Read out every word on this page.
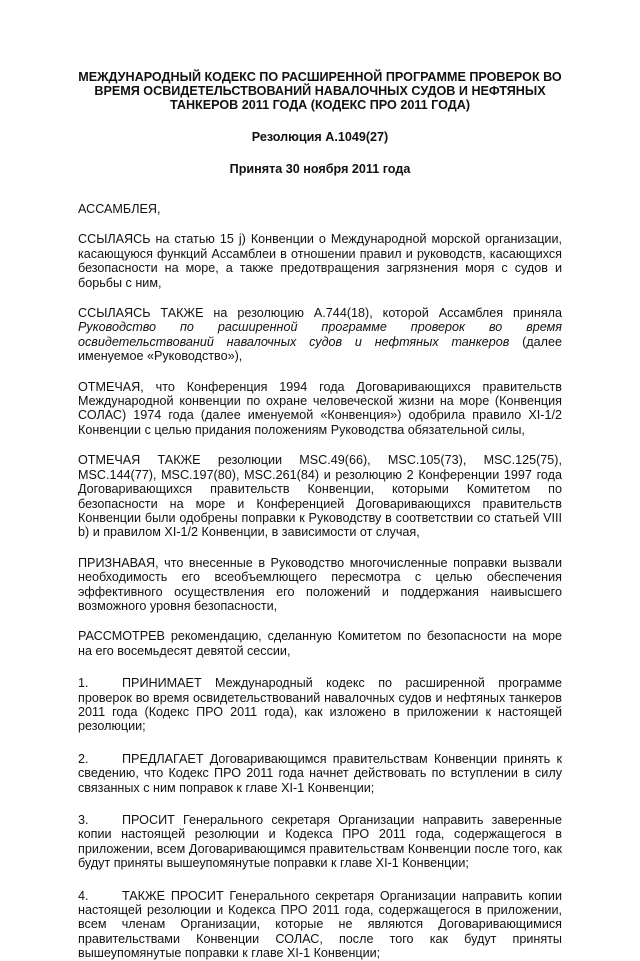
МЕЖДУНАРОДНЫЙ КОДЕКС ПО РАСШИРЕННОЙ ПРОГРАММЕ ПРОВЕРОК ВО ВРЕМЯ ОСВИДЕТЕЛЬСТВОВАНИЙ НАВАЛОЧНЫХ СУДОВ И НЕФТЯНЫХ ТАНКЕРОВ 2011 ГОДА (КОДЕКС ПРО 2011 ГОДА)

Резолюция A.1049(27)

Принята 30 ноября 2011 года

АССАМБЛЕЯ,

ССЫЛАЯСЬ на статью 15 j) Конвенции о Международной морской организации, касающуюся функций Ассамблеи в отношении правил и руководств, касающихся безопасности на море, а также предотвращения загрязнения моря с судов и борьбы с ним,

ССЫЛАЯСЬ ТАКЖЕ на резолюцию A.744(18), которой Ассамблея приняла Руководство по расширенной программе проверок во время освидетельствований навалочных судов и нефтяных танкеров (далее именуемое «Руководство»),

ОТМЕЧАЯ, что Конференция 1994 года Договаривающихся правительств Международной конвенции по охране человеческой жизни на море (Конвенция СОЛАС) 1974 года (далее именуемой «Конвенция») одобрила правило XI-1/2 Конвенции с целью придания положениям Руководства обязательной силы,

ОТМЕЧАЯ ТАКЖЕ резолюции MSC.49(66), MSC.105(73), MSC.125(75), MSC.144(77), MSC.197(80), MSC.261(84) и резолюцию 2 Конференции 1997 года Договаривающихся правительств Конвенции, которыми Комитетом по безопасности на море и Конференцией Договаривающихся правительств Конвенции были одобрены поправки к Руководству в соответствии со статьей VIII b) и правилом XI-1/2 Конвенции, в зависимости от случая,

ПРИЗНАВАЯ, что внесенные в Руководство многочисленные поправки вызвали необходимость его всеобъемлющего пересмотра с целью обеспечения эффективного осуществления его положений и поддержания наивысшего возможного уровня безопасности,

РАССМОТРЕВ рекомендацию, сделанную Комитетом по безопасности на море на его восемьдесят девятой сессии,

1.	ПРИНИМАЕТ Международный кодекс по расширенной программе проверок во время освидетельствований навалочных судов и нефтяных танкеров 2011 года (Кодекс ПРО 2011 года), как изложено в приложении к настоящей резолюции;

2.	ПРЕДЛАГАЕТ Договаривающимся правительствам Конвенции принять к сведению, что Кодекс ПРО 2011 года начнет действовать по вступлении в силу связанных с ним поправок к главе XI-1 Конвенции;

3.	ПРОСИТ Генерального секретаря Организации направить заверенные копии настоящей резолюции и Кодекса ПРО 2011 года, содержащегося в приложении, всем Договаривающимся правительствам Конвенции после того, как будут приняты вышеупомянутые поправки к главе XI-1 Конвенции;

4.	ТАКЖЕ ПРОСИТ Генерального секретаря Организации направить копии настоящей резолюции и Кодекса ПРО 2011 года, содержащегося в приложении, всем членам Организации, которые не являются Договаривающимися правительствами Конвенции СОЛАС, после того как будут приняты вышеупомянутые поправки к главе XI-1 Конвенции;
